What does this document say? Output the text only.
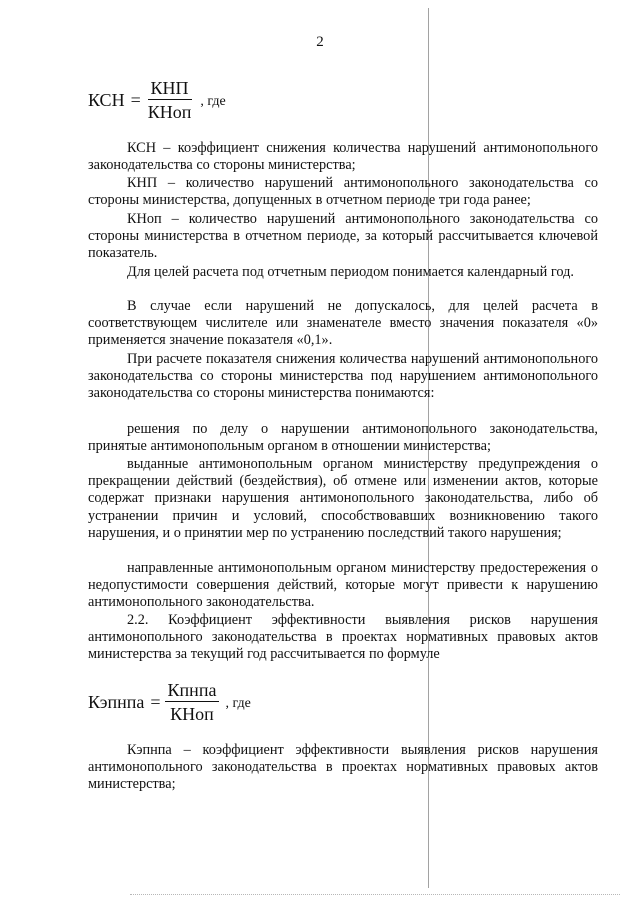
2
КСН = $\frac{\text{КНП}}{\text{КНоп}}$ , где

КСН – коэффициент снижения количества нарушений антимонопольного законодательства со стороны министерства;

КНП – количество нарушений антимонопольного законодательства со стороны министерства, допущенных в отчетном периоде три года ранее;

КНоп – количество нарушений антимонопольного законодательства со стороны министерства в отчетном периоде, за который рассчитывается ключевой показатель.

Для целей расчета под отчетным периодом понимается календарный год.

В случае если нарушений не допускалось, для целей расчета в соответствующем числителе или знаменателе вместо значения показателя «0» применяется значение показателя «0,1».

При расчете показателя снижения количества нарушений антимонопольного законодательства со стороны министерства под нарушением антимонопольного законодательства со стороны министерства понимаются:

решения по делу о нарушении антимонопольного законодательства, принятые антимонопольным органом в отношении министерства;

выданные антимонопольным органом министерству предупреждения о прекращении действий (бездействия), об отмене или изменении актов, которые содержат признаки нарушения антимонопольного законодательства, либо об устранении причин и условий, способствовавших возникновению такого нарушения, и о принятии мер по устранению последствий такого нарушения;

направленные антимонопольным органом министерству предостережения о недопустимости совершения действий, которые могут привести к нарушению антимонопольного законодательства.

2.2. Коэффициент эффективности выявления рисков нарушения антимонопольного законодательства в проектах нормативных правовых актов министерства за текущий год рассчитывается по формуле

Кэпнпа = $\frac{\text{Кпнпа}}{\text{КНоп}}$ , где

Кэпнпа – коэффициент эффективности выявления рисков нарушения антимонопольного законодательства в проектах нормативных правовых актов министерства;
